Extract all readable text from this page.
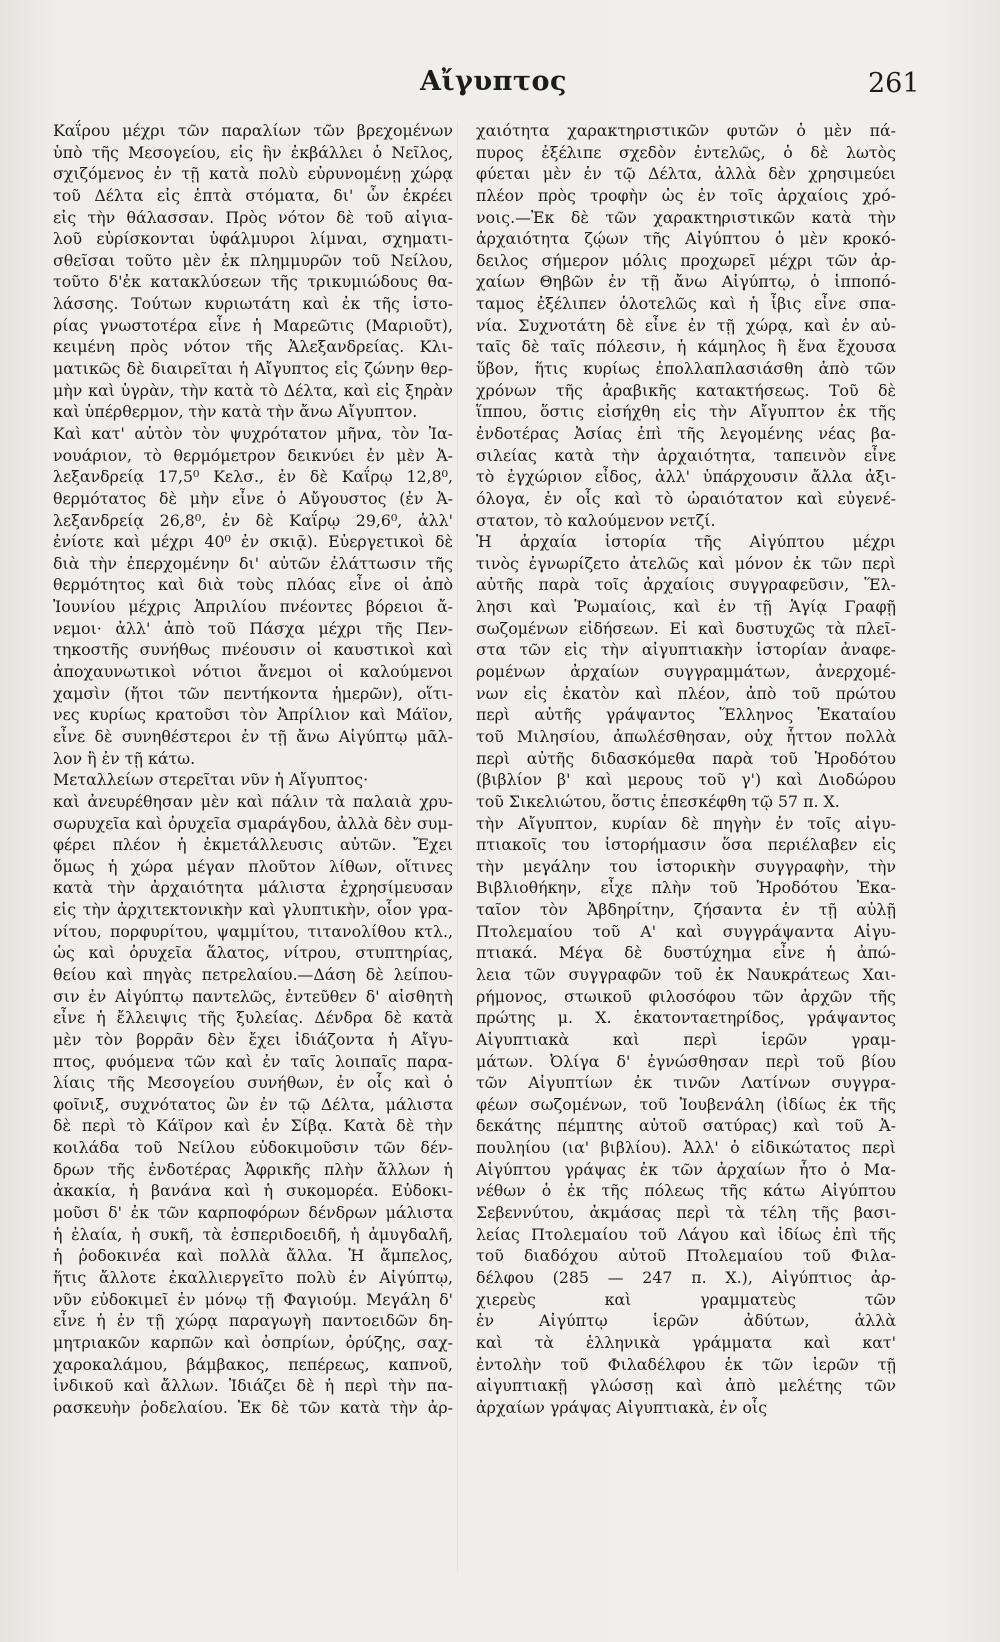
Αἴγυπτος	261
Καΐρου μέχρι τῶν παραλίων τῶν βρεχομένων
ὑπὸ τῆς Μεσογείου, εἰς ἣν ἐκβάλλει ὁ Νεῖλος,
σχιζόμενος ἐν τῇ κατὰ πολὺ εὐρυνομένῃ χώρᾳ
τοῦ Δέλτα εἰς ἑπτὰ στόματα, δι' ὧν ἐκρέει
εἰς τὴν θάλασσαν. Πρὸς νότον δὲ τοῦ αἰγια-
λοῦ εὑρίσκονται ὑφάλμυροι λίμναι, σχηματι-
σθεῖσαι τοῦτο μὲν ἐκ πλημμυρῶν τοῦ Νείλου,
τοῦτο δ'ἐκ κατακλύσεων τῆς τρικυμιώδους θα-
λάσσης. Τούτων κυριωτάτη καὶ ἐκ τῆς ἱστο-
ρίας γνωστοτέρα εἶνε ἡ Μαρεῶτις (Μαριοῦτ),
κειμένη πρὸς νότον τῆς Ἀλεξανδρείας. Κλι-
ματικῶς δὲ διαιρεῖται ἡ Αἴγυπτος εἰς ζώνην θερ-
μὴν καὶ ὑγρὰν, τὴν κατὰ τὸ Δέλτα, καὶ εἰς ξηρὰν
καὶ ὑπέρθερμον, τὴν κατὰ τὴν ἄνω Αἴγυπτον.
Καὶ κατ' αὐτὸν τὸν ψυχρότατον μῆνα, τὸν Ἰα-
νουάριον, τὸ θερμόμετρον δεικνύει ἐν μὲν Ἀ-
λεξανδρείᾳ 17,5⁰ Κελσ., ἐν δὲ Καΐρῳ 12,8⁰,
θερμότατος δὲ μὴν εἶνε ὁ Αὔγουστος (ἐν Ἀ-
λεξανδρείᾳ 26,8⁰, ἐν δὲ Καΐρῳ 29,6⁰, ἀλλ'
ἐνίοτε καὶ μέχρι 40⁰ ἐν σκιᾷ). Εὐεργετικοὶ δὲ
διὰ τὴν ἐπερχομένην δι' αὐτῶν ἐλάττωσιν τῆς
θερμότητος καὶ διὰ τοὺς πλόας εἶνε οἱ ἀπὸ
Ἰουνίου μέχρις Ἀπριλίου πνέοντες βόρειοι ἄ-
νεμοι· ἀλλ' ἀπὸ τοῦ Πάσχα μέχρι τῆς Πεν-
τηκοστῆς συνήθως πνέουσιν οἱ καυστικοὶ καὶ
ἀποχαυνωτικοὶ νότιοι ἄνεμοι οἱ καλούμενοι
χαμσὶν (ἤτοι τῶν πεντήκοντα ἡμερῶν), οἵτι-
νες κυρίως κρατοῦσι τὸν Ἀπρίλιον καὶ Μάϊον,
εἶνε δὲ συνηθέστεροι ἐν τῇ ἄνω Αἰγύπτῳ μᾶλ-
λον ἢ ἐν τῇ κάτω.
Μεταλλείων στερεῖται νῦν ἡ Αἴγυπτος·
καὶ ἀνευρέθησαν μὲν καὶ πάλιν τὰ παλαιὰ χρυ-
σωρυχεῖα καὶ ὀρυχεῖα σμαράγδου, ἀλλὰ δὲν συμ-
φέρει πλέον ἡ ἐκμετάλλευσις αὐτῶν. Ἔχει
ὅμως ἡ χώρα μέγαν πλοῦτον λίθων, οἵτινες
κατὰ τὴν ἀρχαιότητα μάλιστα ἐχρησίμευσαν
εἰς τὴν ἀρχιτεκτονικὴν καὶ γλυπτικὴν, οἷον γρα-
νίτου, πορφυρίτου, ψαμμίτου, τιτανολίθου κτλ.,
ὡς καὶ ὀρυχεῖα ἅλατος, νίτρου, στυπτηρίας,
θείου καὶ πηγὰς πετρελαίου.—Δάση δὲ λείπου-
σιν ἐν Αἰγύπτῳ παντελῶς, ἐντεῦθεν δ' αἰσθητὴ
εἶνε ἡ ἔλλειψις τῆς ξυλείας. Δένδρα δὲ κατὰ
μὲν τὸν βορρᾶν δὲν ἔχει ἰδιάζοντα ἡ Αἴγυ-
πτος, φυόμενα τῶν καὶ ἐν ταῖς λοιπαῖς παρα-
λίαις τῆς Μεσογείου συνήθων, ἐν οἷς καὶ ὁ
φοῖνιξ, συχνότατος ὢν ἐν τῷ Δέλτα, μάλιστα
δὲ περὶ τὸ Κάϊρον καὶ ἐν Σίβᾳ. Κατὰ δὲ τὴν
κοιλάδα τοῦ Νείλου εὐδοκιμοῦσιν τῶν δέν-
δρων τῆς ἐνδοτέρας Ἀφρικῆς πλὴν ἄλλων ἡ
ἀκακία, ἡ βανάνα καὶ ἡ συκομορέα. Εὐδοκι-
μοῦσι δ' ἐκ τῶν καρποφόρων δένδρων μάλιστα
ἡ ἐλαία, ἡ συκῆ, τὰ ἑσπεριδοειδῆ, ἡ ἀμυγδαλῆ,
ἡ ῥοδοκινέα καὶ πολλὰ ἄλλα. Ἡ ἄμπελος,
ἥτις ἄλλοτε ἐκαλλιεργεῖτο πολὺ ἐν Αἰγύπτῳ,
νῦν εὐδοκιμεῖ ἐν μόνῳ τῇ Φαγιούμ. Μεγάλη δ'
εἶνε ἡ ἐν τῇ χώρᾳ παραγωγὴ παντοειδῶν δη-
μητριακῶν καρπῶν καὶ ὀσπρίων, ὀρύζης, σαχ-
χαροκαλάμου, βάμβακος, πεπέρεως, καπνοῦ,
ἰνδικοῦ καὶ ἄλλων. Ἰδιάζει δὲ ἡ περὶ τὴν πα-
ρασκευὴν ῥοδελαίου. Ἐκ δὲ τῶν κατὰ τὴν ἀρ-
χαιότητα χαρακτηριστικῶν φυτῶν ὁ μὲν πά-
πυρος ἐξέλιπε σχεδὸν ἐντελῶς, ὁ δὲ λωτὸς
φύεται μὲν ἐν τῷ Δέλτα, ἀλλὰ δὲν χρησιμεύει
πλέον πρὸς τροφὴν ὡς ἐν τοῖς ἀρχαίοις χρό-
νοις.—Ἐκ δὲ τῶν χαρακτηριστικῶν κατὰ τὴν
ἀρχαιότητα ζῴων τῆς Αἰγύπτου ὁ μὲν κροκό-
δειλος σήμερον μόλις προχωρεῖ μέχρι τῶν ἀρ-
χαίων Θηβῶν ἐν τῇ ἄνω Αἰγύπτῳ, ὁ ἱπποπό-
ταμος ἐξέλιπεν ὁλοτελῶς καὶ ἡ ἶβις εἶνε σπα-
νία. Συχνοτάτη δὲ εἶνε ἐν τῇ χώρᾳ, καὶ ἐν αὐ-
ταῖς δὲ ταῖς πόλεσιν, ἡ κάμηλος ἢ ἕνα ἔχουσα
ὕβον, ἥτις κυρίως ἐπολλαπλασιάσθη ἀπὸ τῶν
χρόνων τῆς ἀραβικῆς κατακτήσεως. Τοῦ δὲ
ἵππου, ὅστις εἰσήχθη εἰς τὴν Αἴγυπτον ἐκ τῆς
ἐνδοτέρας Ἀσίας ἐπὶ τῆς λεγομένης νέας βα-
σιλείας κατὰ τὴν ἀρχαιότητα, ταπεινὸν εἶνε
τὸ ἐγχώριον εἶδος, ἀλλ' ὑπάρχουσιν ἄλλα ἀξι-
όλογα, ἐν οἷς καὶ τὸ ὡραιότατον καὶ εὐγενέ-
στατον, τὸ καλούμενον νετζί.
Ἡ ἀρχαία ἱστορία τῆς Αἰγύπτου μέχρι
τινὸς ἐγνωρίζετο ἀτελῶς καὶ μόνον ἐκ τῶν περὶ
αὐτῆς παρὰ τοῖς ἀρχαίοις συγγραφεῦσιν, Ἕλ-
λησι καὶ Ῥωμαίοις, καὶ ἐν τῇ Ἁγίᾳ Γραφῇ
σωζομένων εἰδήσεων. Εἰ καὶ δυστυχῶς τὰ πλεῖ-
στα τῶν εἰς τὴν αἰγυπτιακὴν ἱστορίαν ἀναφε-
ρομένων ἀρχαίων συγγραμμάτων, ἀνερχομέ-
νων εἰς ἑκατὸν καὶ πλέον, ἀπὸ τοῦ πρώτου
περὶ αὐτῆς γράψαντος Ἕλληνος Ἑκαταίου
τοῦ Μιλησίου, ἀπωλέσθησαν, οὐχ ἧττον πολλὰ
περὶ αὐτῆς διδασκόμεθα παρὰ τοῦ Ἡροδότου
(βιβλίον β' καὶ μερους τοῦ γ') καὶ Διοδώρου
τοῦ Σικελιώτου, ὅστις ἐπεσκέφθη τῷ 57 π. Χ.
τὴν Αἴγυπτον, κυρίαν δὲ πηγὴν ἐν τοῖς αἰγυ-
πτιακοῖς του ἱστορήμασιν ὅσα περιέλαβεν εἰς
τὴν μεγάλην του ἱστορικὴν συγγραφὴν, τὴν
Βιβλιοθήκην, εἶχε πλὴν τοῦ Ἡροδότου Ἑκα-
ταῖον τὸν Ἀβδηρίτην, ζήσαντα ἐν τῇ αὐλῇ
Πτολεμαίου τοῦ Α' καὶ συγγράψαντα Αἰγυ-
πτιακά. Μέγα δὲ δυστύχημα εἶνε ἡ ἀπώ-
λεια τῶν συγγραφῶν τοῦ ἐκ Ναυκράτεως Χαι-
ρήμονος, στωικοῦ φιλοσόφου τῶν ἀρχῶν τῆς
πρώτης μ. Χ. ἑκατονταετηρίδος, γράψαντος
Αἰγυπτιακὰ καὶ περὶ ἱερῶν γραμ-
μάτων. Ὀλίγα δ' ἐγνώσθησαν περὶ τοῦ βίου
τῶν Αἰγυπτίων ἐκ τινῶν Λατίνων συγγρα-
φέων σωζομένων, τοῦ Ἰουβενάλη (ἰδίως ἐκ τῆς
δεκάτης πέμπτης αὐτοῦ σατύρας) καὶ τοῦ Ἀ-
πουληίου (ια' βιβλίου). Ἀλλ' ὁ εἰδικώτατος περὶ
Αἰγύπτου γράψας ἐκ τῶν ἀρχαίων ἦτο ὁ Μα-
νέθων ὁ ἐκ τῆς πόλεως τῆς κάτω Αἰγύπτου
Σεβεννύτου, ἀκμάσας περὶ τὰ τέλη τῆς βασι-
λείας Πτολεμαίου τοῦ Λάγου καὶ ἰδίως ἐπὶ τῆς
τοῦ διαδόχου αὐτοῦ Πτολεμαίου τοῦ Φιλα-
δέλφου (285 — 247 π. Χ.), Αἰγύπτιος ἀρ-
χιερεὺς καὶ γραμματεὺς τῶν
ἐν Αἰγύπτῳ ἱερῶν ἀδύτων, ἀλλὰ
καὶ τὰ ἑλληνικὰ γράμματα καὶ κατ'
ἐντολὴν τοῦ Φιλαδέλφου ἐκ τῶν ἱερῶν τῇ
αἰγυπτιακῇ γλώσσῃ καὶ ἀπὸ μελέτης τῶν
ἀρχαίων γράψας Αἰγυπτιακὰ, ἐν οἷς
